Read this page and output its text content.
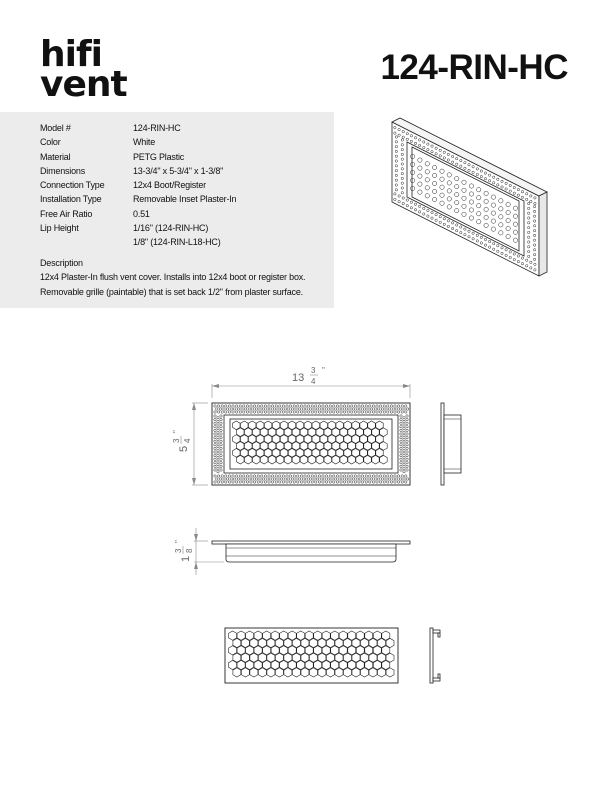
hifi
vent	124-RIN-HC
Model #	124-RIN-HC
Color	White
Material	PETG Plastic
Dimensions	13-3/4" x 5-3/4" x 1-3/8"
Connection Type	12x4 Boot/Register
Installation Type	Removable Inset Plaster-In
Free Air Ratio	0.51
Lip Height	1/16" (124-RIN-HC)
1/8" (124-RIN-L18-HC)
Description
12x4 Plaster-In flush vent cover. Installs into 12x4 boot or register box.
Removable grille (paintable) that is set back 1/2" from plaster surface.
13
3
4
"
5
3 4
"
1
3 8
"
